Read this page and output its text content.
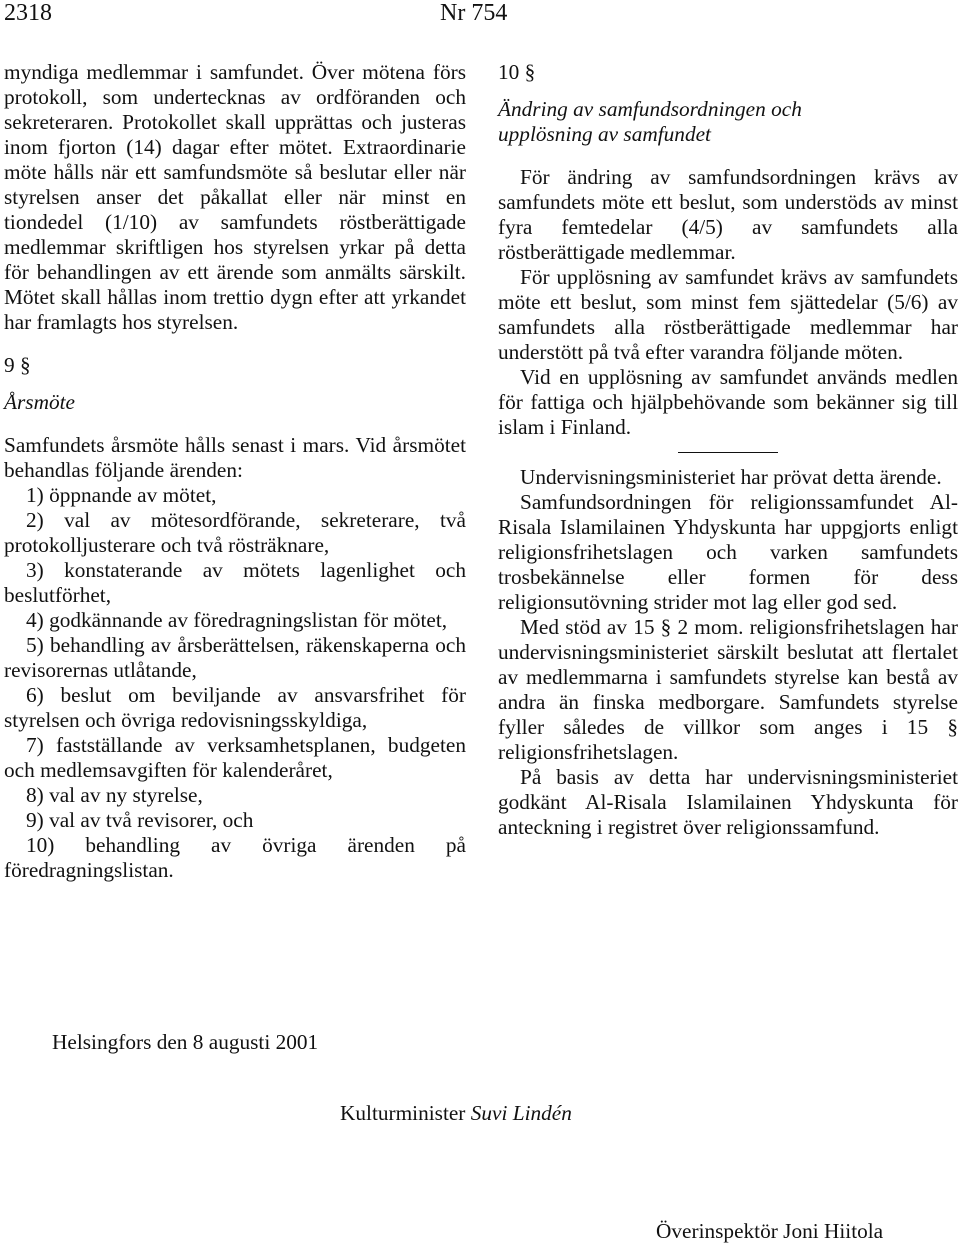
2318	Nr 754

myndiga medlemmar i samfundet. Över mötena förs protokoll, som undertecknas av ordföranden och sekreteraren. Protokollet skall upprättas och justeras inom fjorton (14) dagar efter mötet. Extraordinarie möte hålls när ett samfundsmöte så beslutar eller när styrelsen anser det påkallat eller när minst en tiondedel (1/10) av samfundets röstberättigade medlemmar skriftligen hos styrelsen yrkar på detta för behandlingen av ett ärende som anmälts särskilt. Mötet skall hållas inom trettio dygn efter att yrkandet har framlagts hos styrelsen.

9 §

Årsmöte

Samfundets årsmöte hålls senast i mars. Vid årsmötet behandlas följande ärenden:

1) öppnande av mötet,

2) val av mötesordförande, sekreterare, två protokolljusterare och två rösträknare,

3) konstaterande av mötets lagenlighet och beslutförhet,

4) godkännande av föredragningslistan för mötet,

5) behandling av årsberättelsen, räkenskaperna och revisorernas utlåtande,

6) beslut om beviljande av ansvarsfrihet för styrelsen och övriga redovisningsskyldiga,

7) fastställande av verksamhetsplanen, budgeten och medlemsavgiften för kalenderåret,

8) val av ny styrelse,

9) val av två revisorer, och

10) behandling av övriga ärenden på föredragningslistan.

10 §

Ändring av samfundsordningen och

upplösning av samfundet

För ändring av samfundsordningen krävs av samfundets möte ett beslut, som understöds av minst fyra femtedelar (4/5) av samfundets alla röstberättigade medlemmar.

För upplösning av samfundet krävs av samfundets möte ett beslut, som minst fem sjättedelar (5/6) av samfundets alla röstberättigade medlemmar har understött på två efter varandra följande möten.

Vid en upplösning av samfundet används medlen för fattiga och hjälpbehövande som bekänner sig till islam i Finland.

Undervisningsministeriet har prövat detta ärende.

Samfundsordningen för religionssamfundet Al-Risala Islamilainen Yhdyskunta har uppgjorts enligt religionsfrihetslagen och varken samfundets trosbekännelse eller formen för dess religionsutövning strider mot lag eller god sed.

Med stöd av 15 § 2 mom. religionsfrihetslagen har undervisningsministeriet särskilt beslutat att flertalet av medlemmarna i samfundets styrelse kan bestå av andra än finska medborgare. Samfundets styrelse fyller således de villkor som anges i 15 § religionsfrihetslagen.

På basis av detta har undervisningsministeriet godkänt Al-Risala Islamilainen Yhdyskunta för anteckning i registret över religionssamfund.

Helsingfors den 8 augusti 2001
Kulturminister Suvi Lindén
Överinspektör Joni Hiitola
